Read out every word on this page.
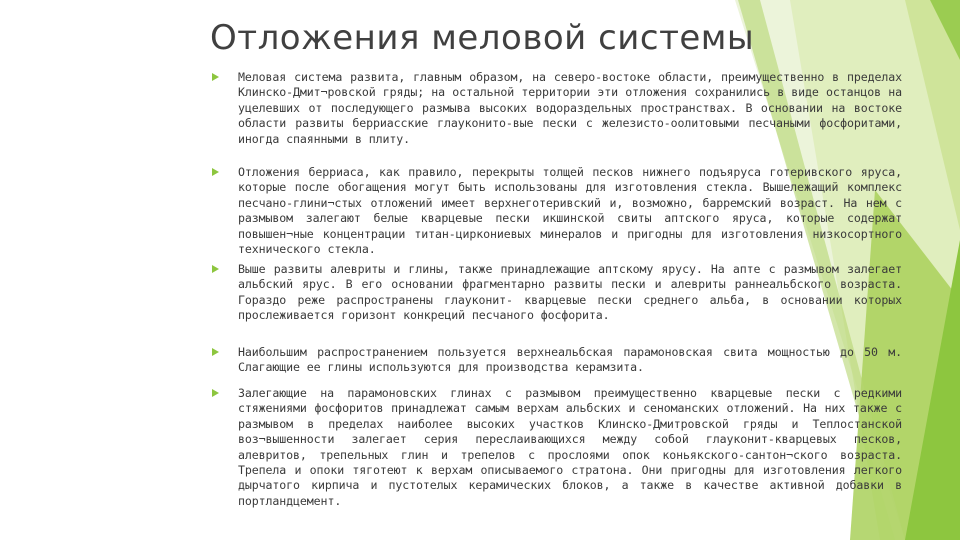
Отложения меловой системы
Меловая система развита, главным образом, на северо-востоке области, преимущественно в пределах Клинско-Дмит¬ровской гряды; на остальной территории эти отложения сохранились в виде останцов на уцелевших от последующего размыва высоких водораздельных пространствах. В основании на востоке области развиты берриасские глауконито-вые пески с железисто-оолитовыми песчаными фосфоритами, иногда спаянными в плиту.
Отложения берриаса, как правило, перекрыты толщей песков нижнего подъяруса готеривского яруса, которые после обогащения могут быть использованы для изготовления стекла. Вышележащий комплекс песчано-глини¬стых отложений имеет верхнеготеривский и, возможно, барремский возраст. На нем с размывом залегают белые кварцевые пески икшинской свиты аптского яруса, которые содержат повышен¬ные концентрации титан-циркониевых минералов и пригодны для изготовления низкосортного технического стекла.
Выше развиты алевриты и глины, также принадлежащие аптскому ярусу. На апте с размывом залегает альбский ярус. В его основании фрагментарно развиты пески и алевриты раннеальбского возраста. Гораздо реже распространены глауконит- кварцевые пески среднего альба, в основании которых прослеживается горизонт конкреций песчаного фосфорита.
Наибольшим распространением пользуется верхнеальбская парамоновская свита мощностью до 50 м. Слагающие ее глины используются для производства керамзита.
Залегающие на парамоновских глинах с размывом преимущественно кварцевые пески с редкими стяжениями фосфоритов принадлежат самым верхам альбских и сеноманских отложений. На них также с размывом в пределах наиболее высоких участков Клинско-Дмитровской гряды и Теплостанской воз¬вышенности залегает серия переслаивающихся между собой глауконит-кварцевых песков, алевритов, трепельных глин и трепелов с прослоями опок коньякского-сантон¬ского возраста. Трепела и опоки тяготеют к верхам описываемого стратона. Они пригодны для изготовления легкого дырчатого кирпича и пустотелых керамических блоков, а также в качестве активной добавки в портландцемент.
